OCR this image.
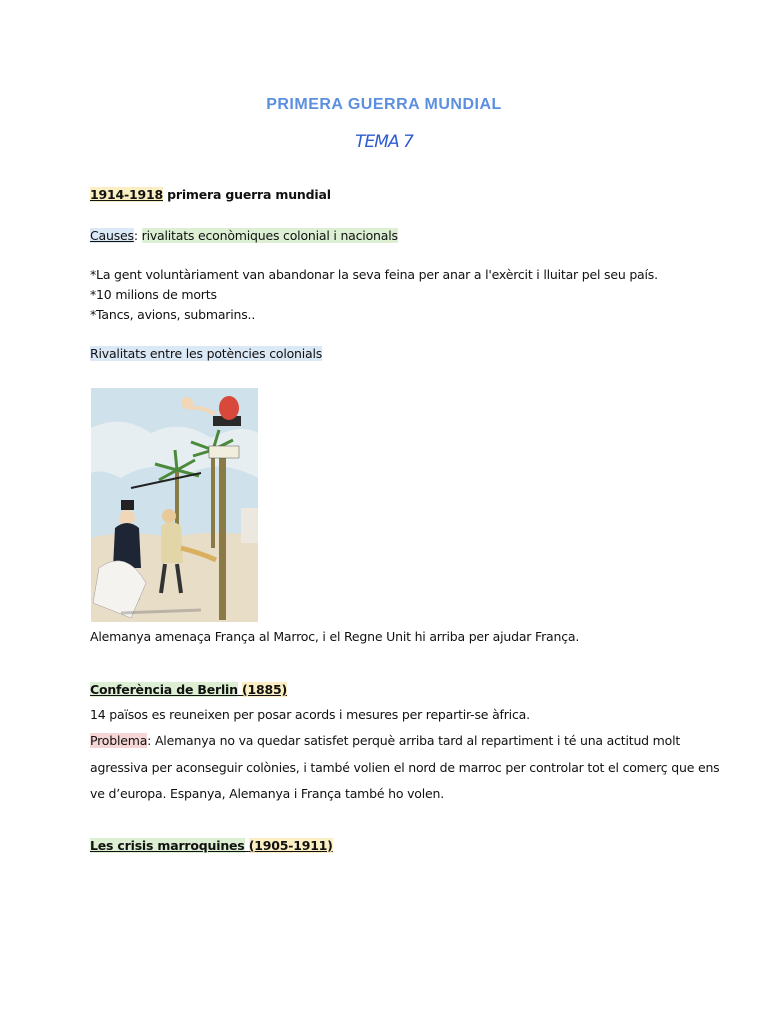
PRIMERA GUERRA MUNDIAL
TEMA 7
1914-1918 primera guerra mundial
Causes: rivalitats econòmiques colonial i nacionals
*La gent voluntàriament van abandonar la seva feina per anar a l'exèrcit i lluitar pel seu país.
*10 milions de morts
*Tancs, avions, submarins..
Rivalitats entre les potències colonials
Alemanya amenaça França al Marroc, i el Regne Unit hi arriba per ajudar França.
Conferència de Berlin (1885)
14 països es reuneixen per posar acords i mesures per repartir-se àfrica.
Problema: Alemanya no va quedar satisfet perquè arriba tard al repartiment i té una actitud molt
agressiva per aconseguir colònies, i també volien el nord de marroc per controlar tot el comerç que ens
ve d’europa. Espanya, Alemanya i França també ho volen.
Les crisis marroquines (1905-1911)
